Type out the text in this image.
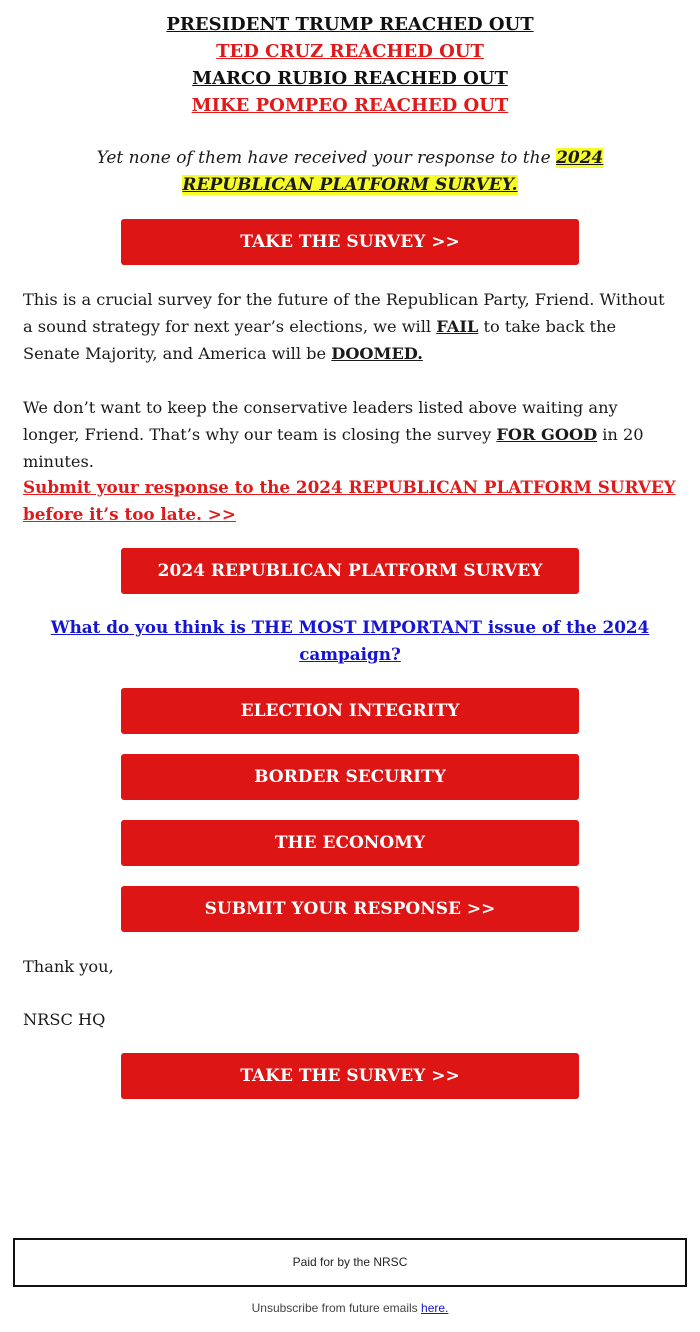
PRESIDENT TRUMP REACHED OUT
TED CRUZ REACHED OUT
MARCO RUBIO REACHED OUT
MIKE POMPEO REACHED OUT
Yet none of them have received your response to the 2024 REPUBLICAN PLATFORM SURVEY.
TAKE THE SURVEY >>
This is a crucial survey for the future of the Republican Party, Friend. Without a sound strategy for next year’s elections, we will FAIL to take back the Senate Majority, and America will be DOOMED.
We don’t want to keep the conservative leaders listed above waiting any longer, Friend. That’s why our team is closing the survey FOR GOOD in 20 minutes.
Submit your response to the 2024 REPUBLICAN PLATFORM SURVEY before it’s too late. >>
2024 REPUBLICAN PLATFORM SURVEY
What do you think is THE MOST IMPORTANT issue of the 2024 campaign?
ELECTION INTEGRITY
BORDER SECURITY
THE ECONOMY
SUBMIT YOUR RESPONSE >>
Thank you,
NRSC HQ
TAKE THE SURVEY >>
Paid for by the NRSC
Unsubscribe from future emails here.
